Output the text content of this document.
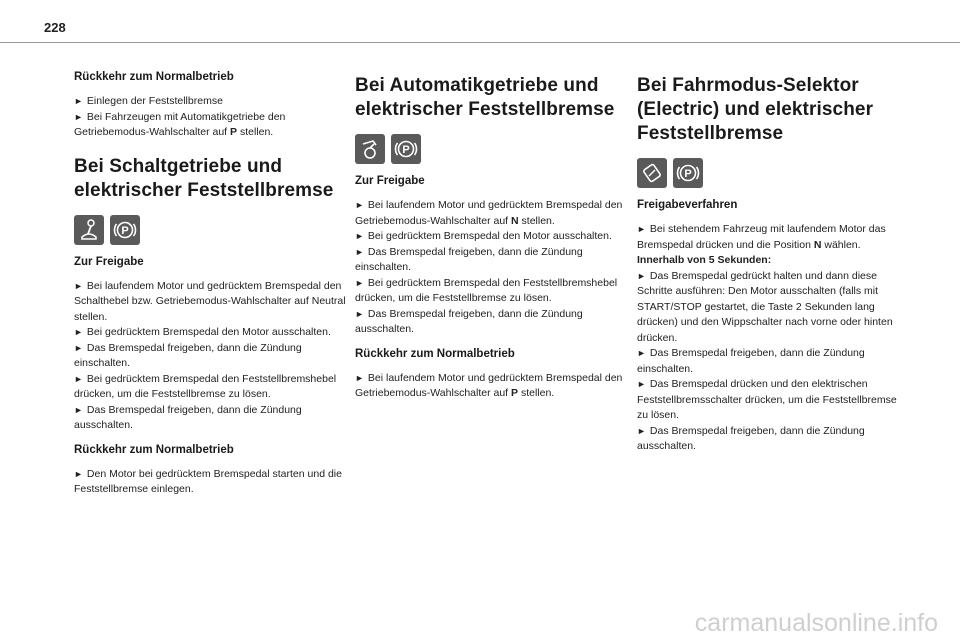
228
Rückkehr zum Normalbetrieb

► Einlegen der Feststellbremse

► Bei Fahrzeugen mit Automatikgetriebe den Getriebemodus-Wahlschalter auf P stellen.

Bei Schaltgetriebe und elektrischer Feststellbremse
P
Zur Freigabe

► Bei laufendem Motor und gedrücktem Bremspedal den Schalthebel bzw. Getriebemodus-Wahlschalter auf Neutral stellen.

► Bei gedrücktem Bremspedal den Motor ausschalten.

► Das Bremspedal freigeben, dann die Zündung einschalten.

► Bei gedrücktem Bremspedal den Feststellbremshebel drücken, um die Feststellbremse zu lösen.

► Das Bremspedal freigeben, dann die Zündung ausschalten.

Rückkehr zum Normalbetrieb

► Den Motor bei gedrücktem Bremspedal starten und die Feststellbremse einlegen.

Bei Automatikgetriebe und elektrischer Feststellbremse
P
Zur Freigabe

► Bei laufendem Motor und gedrücktem Bremspedal den Getriebemodus-Wahlschalter auf N stellen.

► Bei gedrücktem Bremspedal den Motor ausschalten.

► Das Bremspedal freigeben, dann die Zündung einschalten.

► Bei gedrücktem Bremspedal den Feststellbremshebel drücken, um die Feststellbremse zu lösen.

► Das Bremspedal freigeben, dann die Zündung ausschalten.

Rückkehr zum Normalbetrieb

► Bei laufendem Motor und gedrücktem Bremspedal den Getriebemodus-Wahlschalter auf P stellen.

Bei Fahrmodus-Selektor (Electric) und elektrischer Feststellbremse
P
Freigabeverfahren

► Bei stehendem Fahrzeug mit laufendem Motor das Bremspedal drücken und die Position N wählen.

Innerhalb von 5 Sekunden:

► Das Bremspedal gedrückt halten und dann diese Schritte ausführen: Den Motor ausschalten (falls mit START/STOP gestartet, die Taste 2 Sekunden lang drücken) und den Wippschalter nach vorne oder hinten drücken.

► Das Bremspedal freigeben, dann die Zündung einschalten.

► Das Bremspedal drücken und den elektrischen Feststellbremsschalter drücken, um die Feststellbremse zu lösen.

► Das Bremspedal freigeben, dann die Zündung ausschalten.

carmanualsonline.info
